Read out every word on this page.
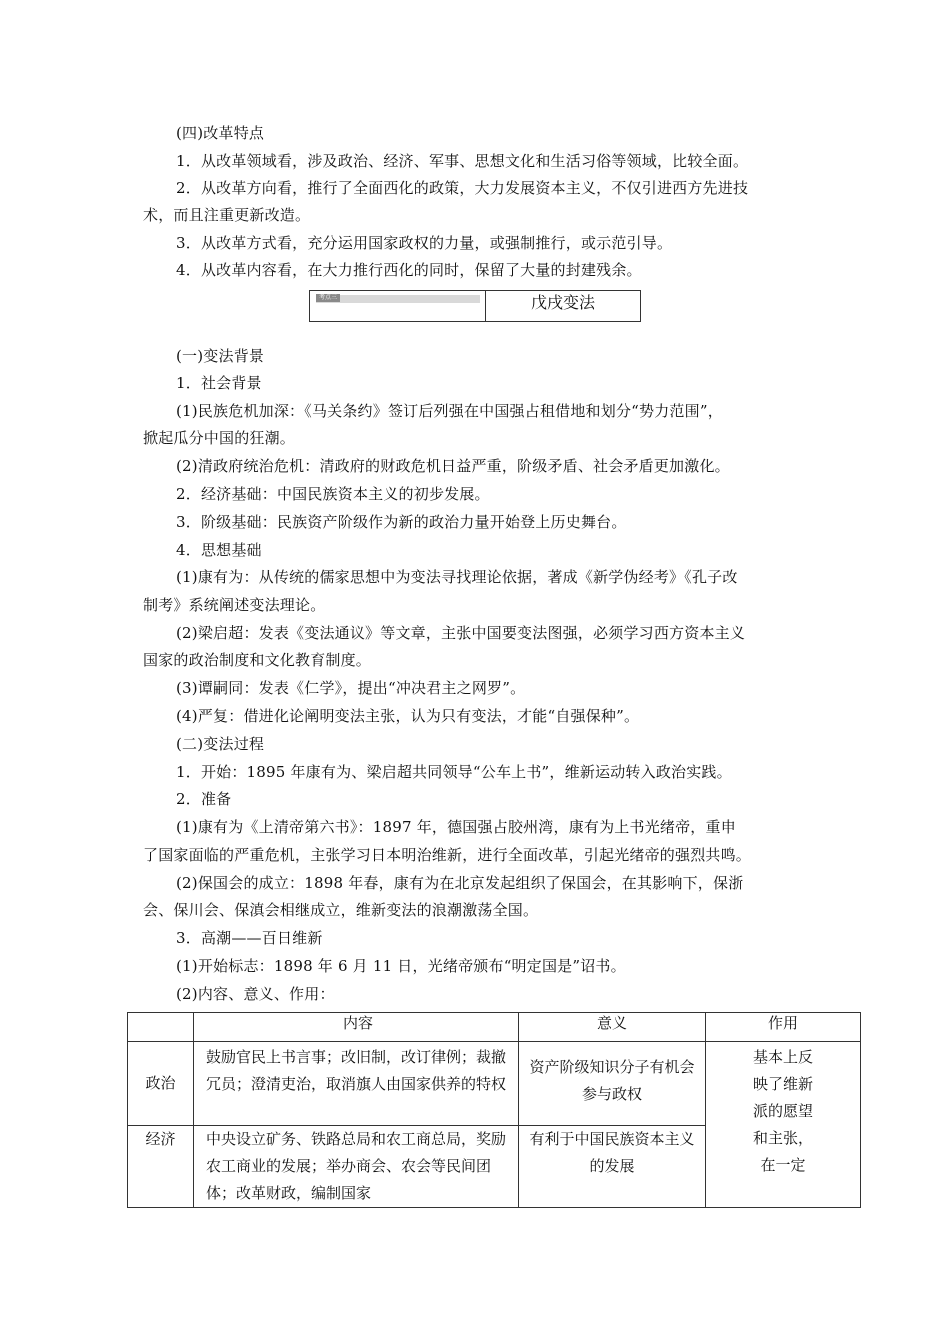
(四)改革特点
1．从改革领域看，涉及政治、经济、军事、思想文化和生活习俗等领域，比较全面。
2．从改革方向看，推行了全面西化的政策，大力发展资本主义，不仅引进西方先进技
术，而且注重更新改造。
3．从改革方式看，充分运用国家政权的力量，或强制推行，或示范引导。
4．从改革内容看，在大力推行西化的同时，保留了大量的封建残余。
考点三	戊戌变法
(一)变法背景
1．社会背景
(1)民族危机加深：《马关条约》签订后列强在中国强占租借地和划分“势力范围”，
掀起瓜分中国的狂潮。
(2)清政府统治危机：清政府的财政危机日益严重，阶级矛盾、社会矛盾更加激化。
2．经济基础：中国民族资本主义的初步发展。
3．阶级基础：民族资产阶级作为新的政治力量开始登上历史舞台。
4．思想基础
(1)康有为：从传统的儒家思想中为变法寻找理论依据，著成《新学伪经考》《孔子改
制考》系统阐述变法理论。
(2)梁启超：发表《变法通议》等文章，主张中国要变法图强，必须学习西方资本主义
国家的政治制度和文化教育制度。
(3)谭嗣同：发表《仁学》，提出“冲决君主之网罗”。
(4)严复：借进化论阐明变法主张，认为只有变法，才能“自强保种”。
(二)变法过程
1．开始：1895 年康有为、梁启超共同领导“公车上书”，维新运动转入政治实践。
2．准备
(1)康有为《上清帝第六书》：1897 年，德国强占胶州湾，康有为上书光绪帝，重申
了国家面临的严重危机，主张学习日本明治维新，进行全面改革，引起光绪帝的强烈共鸣。
(2)保国会的成立：1898 年春，康有为在北京发起组织了保国会，在其影响下，保浙
会、保川会、保滇会相继成立，维新变法的浪潮激荡全国。
3．高潮——百日维新
(1)开始标志：1898 年 6 月 11 日，光绪帝颁布“明定国是”诏书。
(2)内容、意义、作用：
	内容	意义	作用
政治	鼓励官民上书言事；改旧制，改订律例；裁撤冗员；澄清吏治，取消旗人由国家供养的特权	资产阶级知识分子有机会参与政权	基本上反映了维新派的愿望和主张，在一定
经济	中央设立矿务、铁路总局和农工商总局，奖励农工商业的发展；举办商会、农会等民间团体；改革财政，编制国家	有利于中国民族资本主义的发展	
